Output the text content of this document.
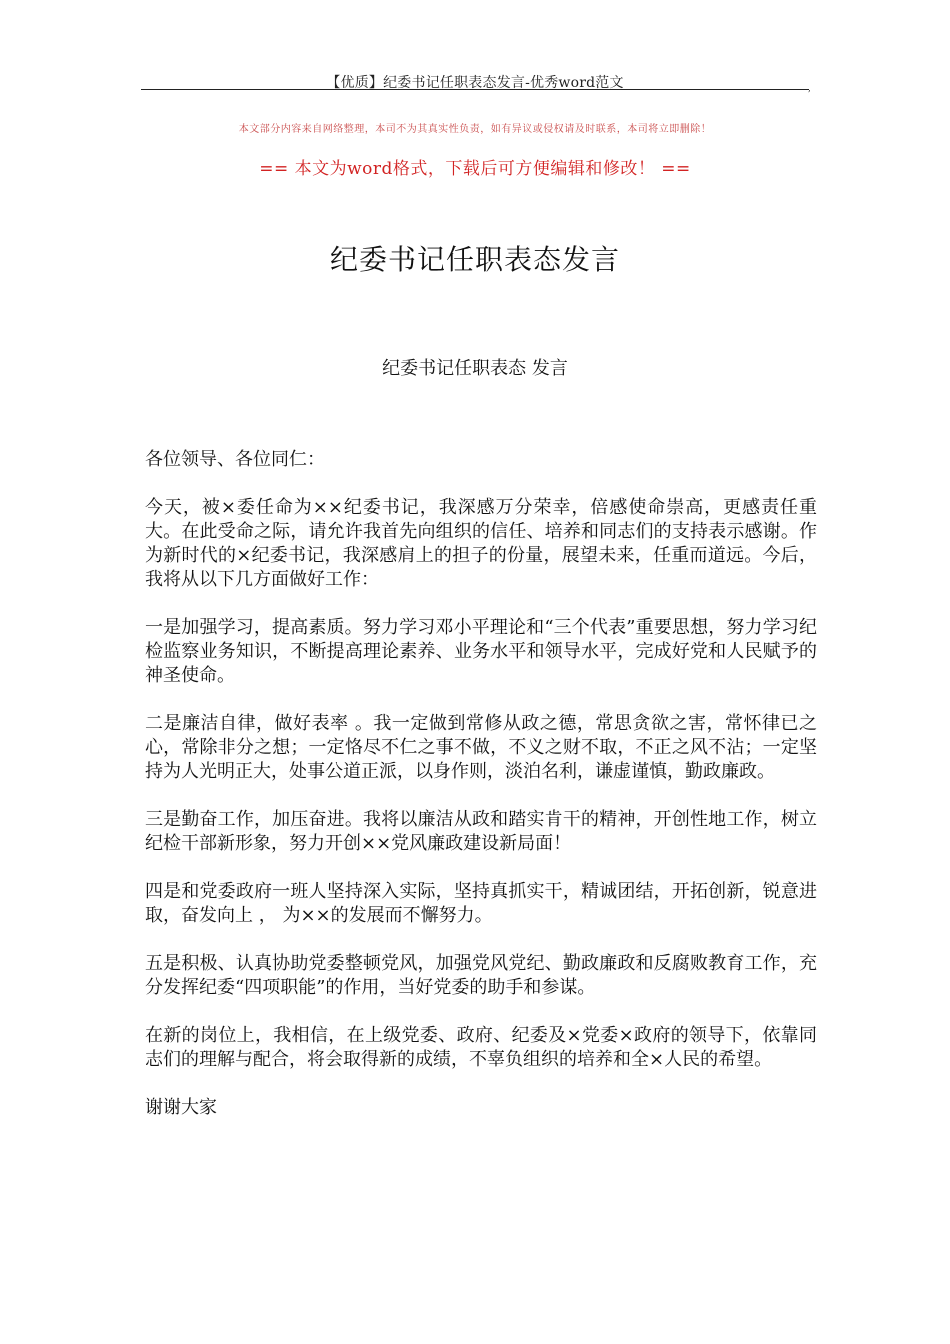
【优质】纪委书记任职表态发言-优秀word范文	,
本文部分内容来自网络整理，本司不为其真实性负责，如有异议或侵权请及时联系，本司将立即删除！
== 本文为word格式，下载后可方便编辑和修改！ ==
纪委书记任职表态发言
纪委书记任职表态 发言

各位领导、各位同仁：

今天，被×委任命为××纪委书记，我深感万分荣幸，倍感使命崇高，更感责任重大。在此受命之际，请允许我首先向组织的信任、培养和同志们的支持表示感谢。作为新时代的×纪委书记，我深感肩上的担子的份量，展望未来，任重而道远。今后，我将从以下几方面做好工作：

一是加强学习，提高素质。努力学习邓小平理论和“三个代表”重要思想，努力学习纪检监察业务知识，不断提高理论素养、业务水平和领导水平，完成好党和人民赋予的神圣使命。

二是廉洁自律，做好表率 。我一定做到常修从政之德，常思贪欲之害，常怀律已之心，常除非分之想；一定恪尽不仁之事不做，不义之财不取，不正之风不沾；一定坚持为人光明正大，处事公道正派，以身作则，淡泊名利，谦虚谨慎，勤政廉政。

三是勤奋工作，加压奋进。我将以廉洁从政和踏实肯干的精神，开创性地工作，树立纪检干部新形象，努力开创××党风廉政建设新局面！

四是和党委政府一班人坚持深入实际，坚持真抓实干，精诚团结，开拓创新，锐意进取，奋发向上 ， 为××的发展而不懈努力。

五是积极、认真协助党委整顿党风，加强党风党纪、勤政廉政和反腐败教育工作，充分发挥纪委“四项职能”的作用，当好党委的助手和参谋。

在新的岗位上，我相信，在上级党委、政府、纪委及×党委×政府的领导下，依靠同志们的理解与配合，将会取得新的成绩，不辜负组织的培养和全×人民的希望。

谢谢大家
